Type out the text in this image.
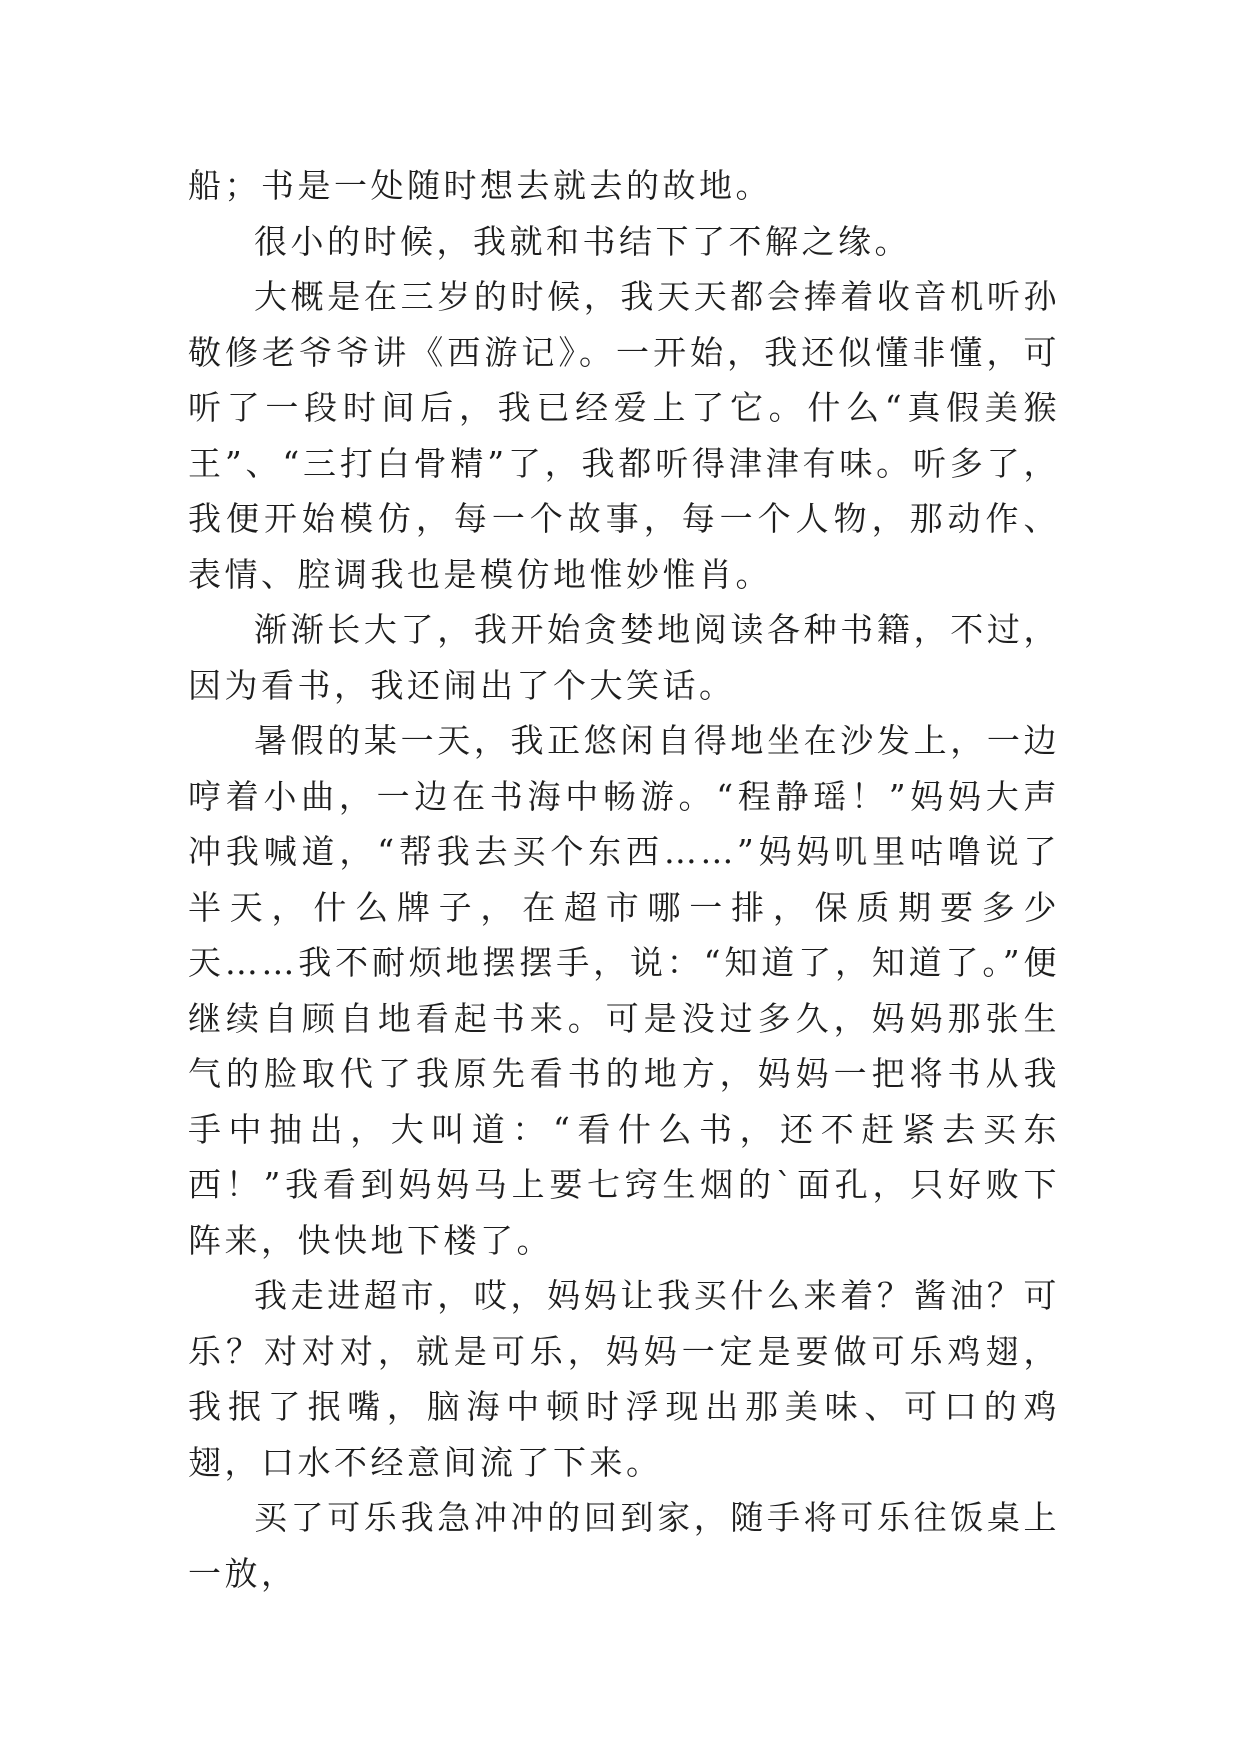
船；书是一处随时想去就去的故地。

很小的时候，我就和书结下了不解之缘。

大概是在三岁的时候，我天天都会捧着收音机听孙敬修老爷爷讲《西游记》。一开始，我还似懂非懂，可听了一段时间后，我已经爱上了它。什么“真假美猴王”、“三打白骨精”了，我都听得津津有味。听多了，我便开始模仿，每一个故事，每一个人物，那动作、表情、腔调我也是模仿地惟妙惟肖。

渐渐长大了，我开始贪婪地阅读各种书籍，不过，因为看书，我还闹出了个大笑话。

暑假的某一天，我正悠闲自得地坐在沙发上，一边哼着小曲，一边在书海中畅游。“程静瑶！”妈妈大声冲我喊道，“帮我去买个东西……”妈妈叽里咕噜说了半天，什么牌子，在超市哪一排，保质期要多少天……我不耐烦地摆摆手，说：“知道了，知道了。”便继续自顾自地看起书来。可是没过多久，妈妈那张生气的脸取代了我原先看书的地方，妈妈一把将书从我手中抽出，大叫道：“看什么书，还不赶紧去买东西！”我看到妈妈马上要七窍生烟的`面孔，只好败下阵来，快快地下楼了。

我走进超市，哎，妈妈让我买什么来着？酱油？可乐？对对对，就是可乐，妈妈一定是要做可乐鸡翅，我抿了抿嘴，脑海中顿时浮现出那美味、可口的鸡翅，口水不经意间流了下来。

买了可乐我急冲冲的回到家，随手将可乐往饭桌上一放，
